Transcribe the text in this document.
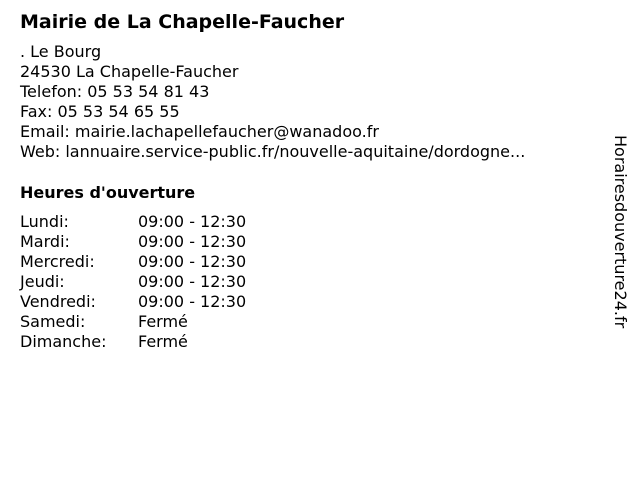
Mairie de La Chapelle-Faucher
. Le Bourg
24530 La Chapelle-Faucher
Telefon: 05 53 54 81 43
Fax: 05 53 54 65 55
Email: mairie.lachapellefaucher@wanadoo.fr
Web: lannuaire.service-public.fr/nouvelle-aquitaine/dordogne...
Heures d'ouverture
Lundi:	09:00 - 12:30
Mardi:	09:00 - 12:30
Mercredi:	09:00 - 12:30
Jeudi:	09:00 - 12:30
Vendredi:	09:00 - 12:30
Samedi:	Fermé
Dimanche:	Fermé
Horairesdouverture24.fr
